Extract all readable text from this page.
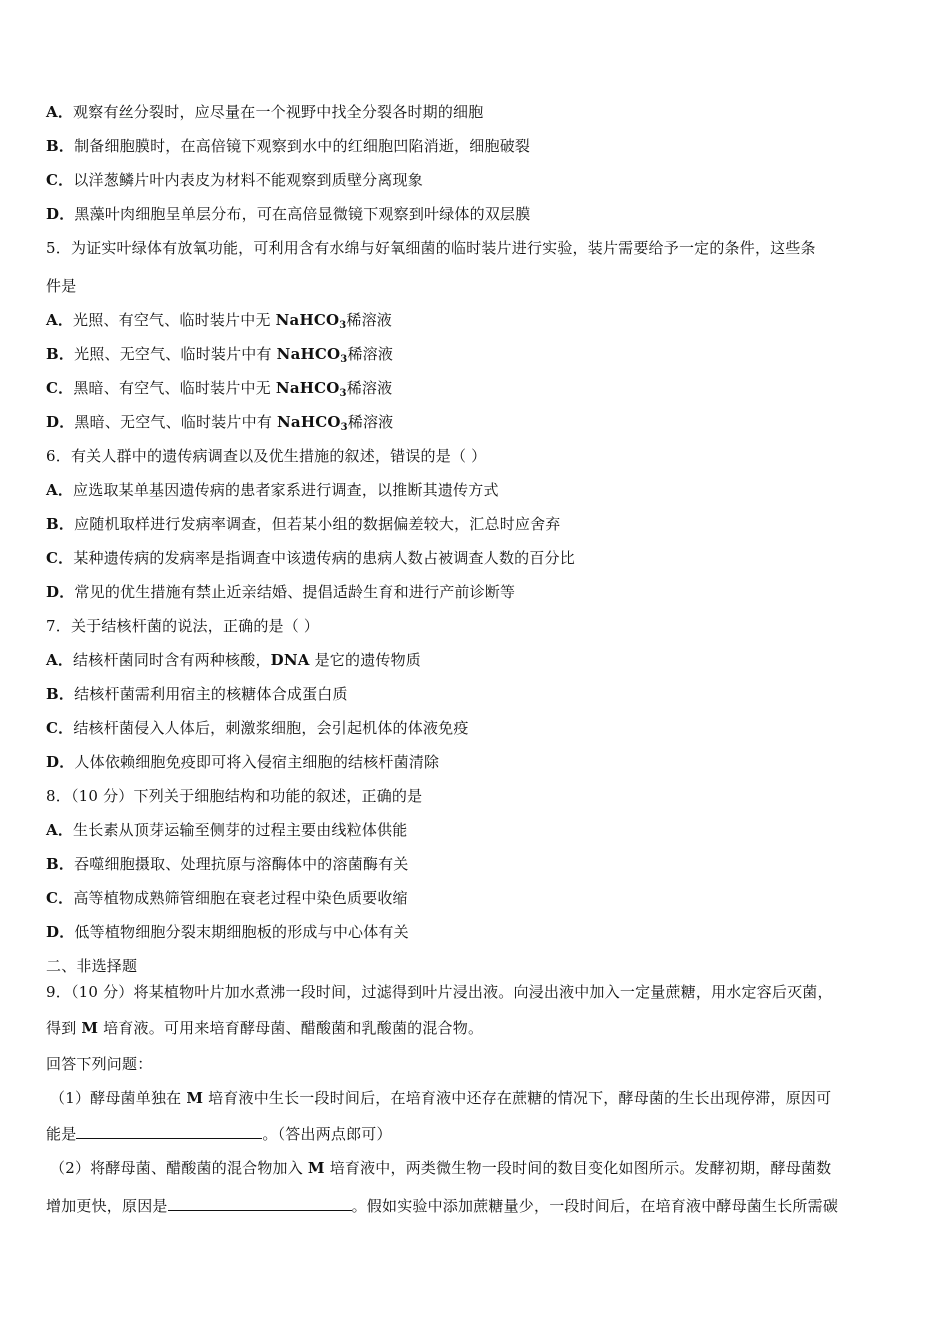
A．观察有丝分裂时，应尽量在一个视野中找全分裂各时期的细胞
B．制备细胞膜时，在高倍镜下观察到水中的红细胞凹陷消逝，细胞破裂
C．以洋葱鳞片叶内表皮为材料不能观察到质壁分离现象
D．黑藻叶肉细胞呈单层分布，可在高倍显微镜下观察到叶绿体的双层膜
5．为证实叶绿体有放氧功能，可利用含有水绵与好氧细菌的临时装片进行实验，装片需要给予一定的条件，这些条
件是
A．光照、有空气、临时装片中无 NaHCO$_3$稀溶液
B．光照、无空气、临时装片中有 NaHCO$_3$稀溶液
C．黑暗、有空气、临时装片中无 NaHCO$_3$稀溶液
D．黑暗、无空气、临时装片中有 NaHCO$_3$稀溶液
6．有关人群中的遗传病调查以及优生措施的叙述，错误的是（ ）
A．应选取某单基因遗传病的患者家系进行调查，以推断其遗传方式
B．应随机取样进行发病率调查，但若某小组的数据偏差较大，汇总时应舍弃
C．某种遗传病的发病率是指调查中该遗传病的患病人数占被调查人数的百分比
D．常见的优生措施有禁止近亲结婚、提倡适龄生育和进行产前诊断等
7．关于结核杆菌的说法，正确的是（ ）
A．结核杆菌同时含有两种核酸，DNA 是它的遗传物质
B．结核杆菌需利用宿主的核糖体合成蛋白质
C．结核杆菌侵入人体后，刺激浆细胞，会引起机体的体液免疫
D．人体依赖细胞免疫即可将入侵宿主细胞的结核杆菌清除
8．（10 分）下列关于细胞结构和功能的叙述，正确的是
A．生长素从顶芽运输至侧芽的过程主要由线粒体供能
B．吞噬细胞摄取、处理抗原与溶酶体中的溶菌酶有关
C．高等植物成熟筛管细胞在衰老过程中染色质要收缩
D．低等植物细胞分裂末期细胞板的形成与中心体有关
二、非选择题
9．（10 分）将某植物叶片加水煮沸一段时间，过滤得到叶片浸出液。向浸出液中加入一定量蔗糖，用水定容后灭菌，
得到 M 培育液。可用来培育酵母菌、醋酸菌和乳酸菌的混合物。
回答下列问题：
（1）酵母菌单独在 M 培育液中生长一段时间后，在培育液中还存在蔗糖的情况下，酵母菌的生长出现停滞，原因可
能是	。（答出两点郎可）
（2）将酵母菌、醋酸菌的混合物加入 M 培育液中，两类微生物一段时间的数目变化如图所示。发酵初期，酵母菌数
增加更快，原因是	。假如实验中添加蔗糖量少，一段时间后，在培育液中酵母菌生长所需碳
